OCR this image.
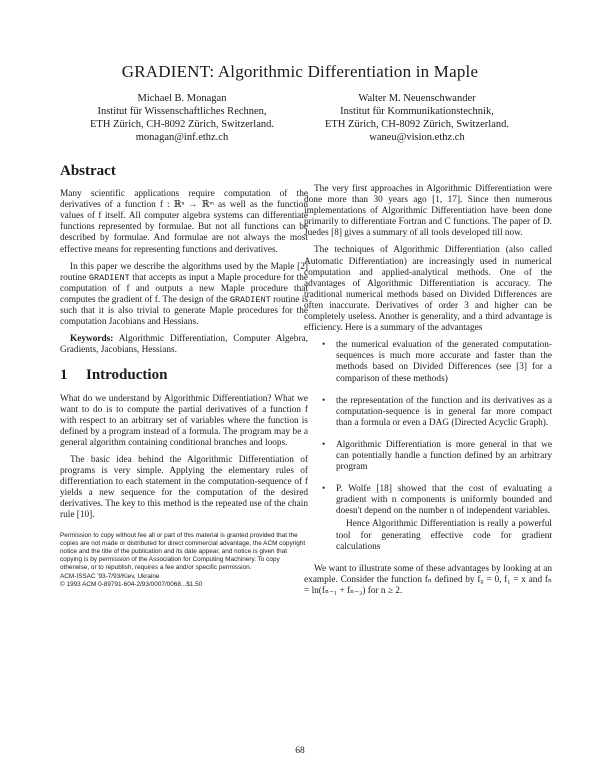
GRADIENT: Algorithmic Differentiation in Maple
Michael B. Monagan
Institut für Wissenschaftliches Rechnen,
ETH Zürich, CH-8092 Zürich, Switzerland.
monagan@inf.ethz.ch
Walter M. Neuenschwander
Institut für Kommunikationstechnik,
ETH Zürich, CH-8092 Zürich, Switzerland.
waneu@vision.ethz.ch
Abstract

Many scientific applications require computation of the derivatives of a function f : ℝⁿ → ℝᵐ as well as the function values of f itself. All computer algebra systems can differentiate functions represented by formulae. But not all functions can be described by formulae. And formulae are not always the most effective means for representing functions and derivatives.

In this paper we describe the algorithms used by the Maple [2] routine GRADIENT that accepts as input a Maple procedure for the computation of f and outputs a new Maple procedure that computes the gradient of f. The design of the GRADIENT routine is such that it is also trivial to generate Maple procedures for the computation Jacobians and Hessians.

Keywords: Algorithmic Differentiation, Computer Algebra, Gradients, Jacobians, Hessians.

1 Introduction

What do we understand by Algorithmic Differentiation? What we want to do is to compute the partial derivatives of a function f with respect to an arbitrary set of variables where the function is defined by a program instead of a formula. The program may be a general algorithm containing conditional branches and loops.

The basic idea behind the Algorithmic Differentiation of programs is very simple. Applying the elementary rules of differentiation to each statement in the computation-sequence of f yields a new sequence for the computation of the desired derivatives. The key to this method is the repeated use of the chain rule [10].

Permission to copy without fee all or part of this material is granted provided that the copies are not made or distributed for direct commercial advantage, the ACM copyright notice and the title of the publication and its date appear, and notice is given that copying is by permission of the Association for Computing Machinery. To copy otherwise, or to republish, requires a fee and/or specific permission.
ACM-ISSAC '93-7/93/Kiev, Ukraine
© 1993 ACM 0-89791-604-2/93/0007/0068...$1.50

The very first approaches in Algorithmic Differentiation were done more than 30 years ago [1, 17]. Since then numerous implementations of Algorithmic Differentiation have been done primarily to differentiate Fortran and C functions. The paper of D. Juedes [8] gives a summary of all tools developed till now.

The techniques of Algorithmic Differentiation (also called Automatic Differentiation) are increasingly used in numerical computation and applied-analytical methods. One of the advantages of Algorithmic Differentiation is accuracy. The traditional numerical methods based on Divided Differences are often inaccurate. Derivatives of order 3 and higher can be completely useless. Another is generality, and a third advantage is efficiency. Here is a summary of the advantages

• the numerical evaluation of the generated computation-sequences is much more accurate and faster than the methods based on Divided Differences (see [3] for a comparison of these methods)
• the representation of the function and its derivatives as a computation-sequence is in general far more compact than a formula or even a DAG (Directed Acyclic Graph).
• Algorithmic Differentiation is more general in that we can potentially handle a function defined by an arbitrary program
• P. Wolfe [18] showed that the cost of evaluating a gradient with n components is uniformly bounded and doesn't depend on the number n of independent variables.
Hence Algorithmic Differentiation is really a powerful tool for generating effective code for gradient calculations

We want to illustrate some of these advantages by looking at an example. Consider the function fₙ defined by f₀ = 0, f₁ = x and fₙ = ln(fₙ₋₁ + fₙ₋₂) for n ≥ 2.

68
